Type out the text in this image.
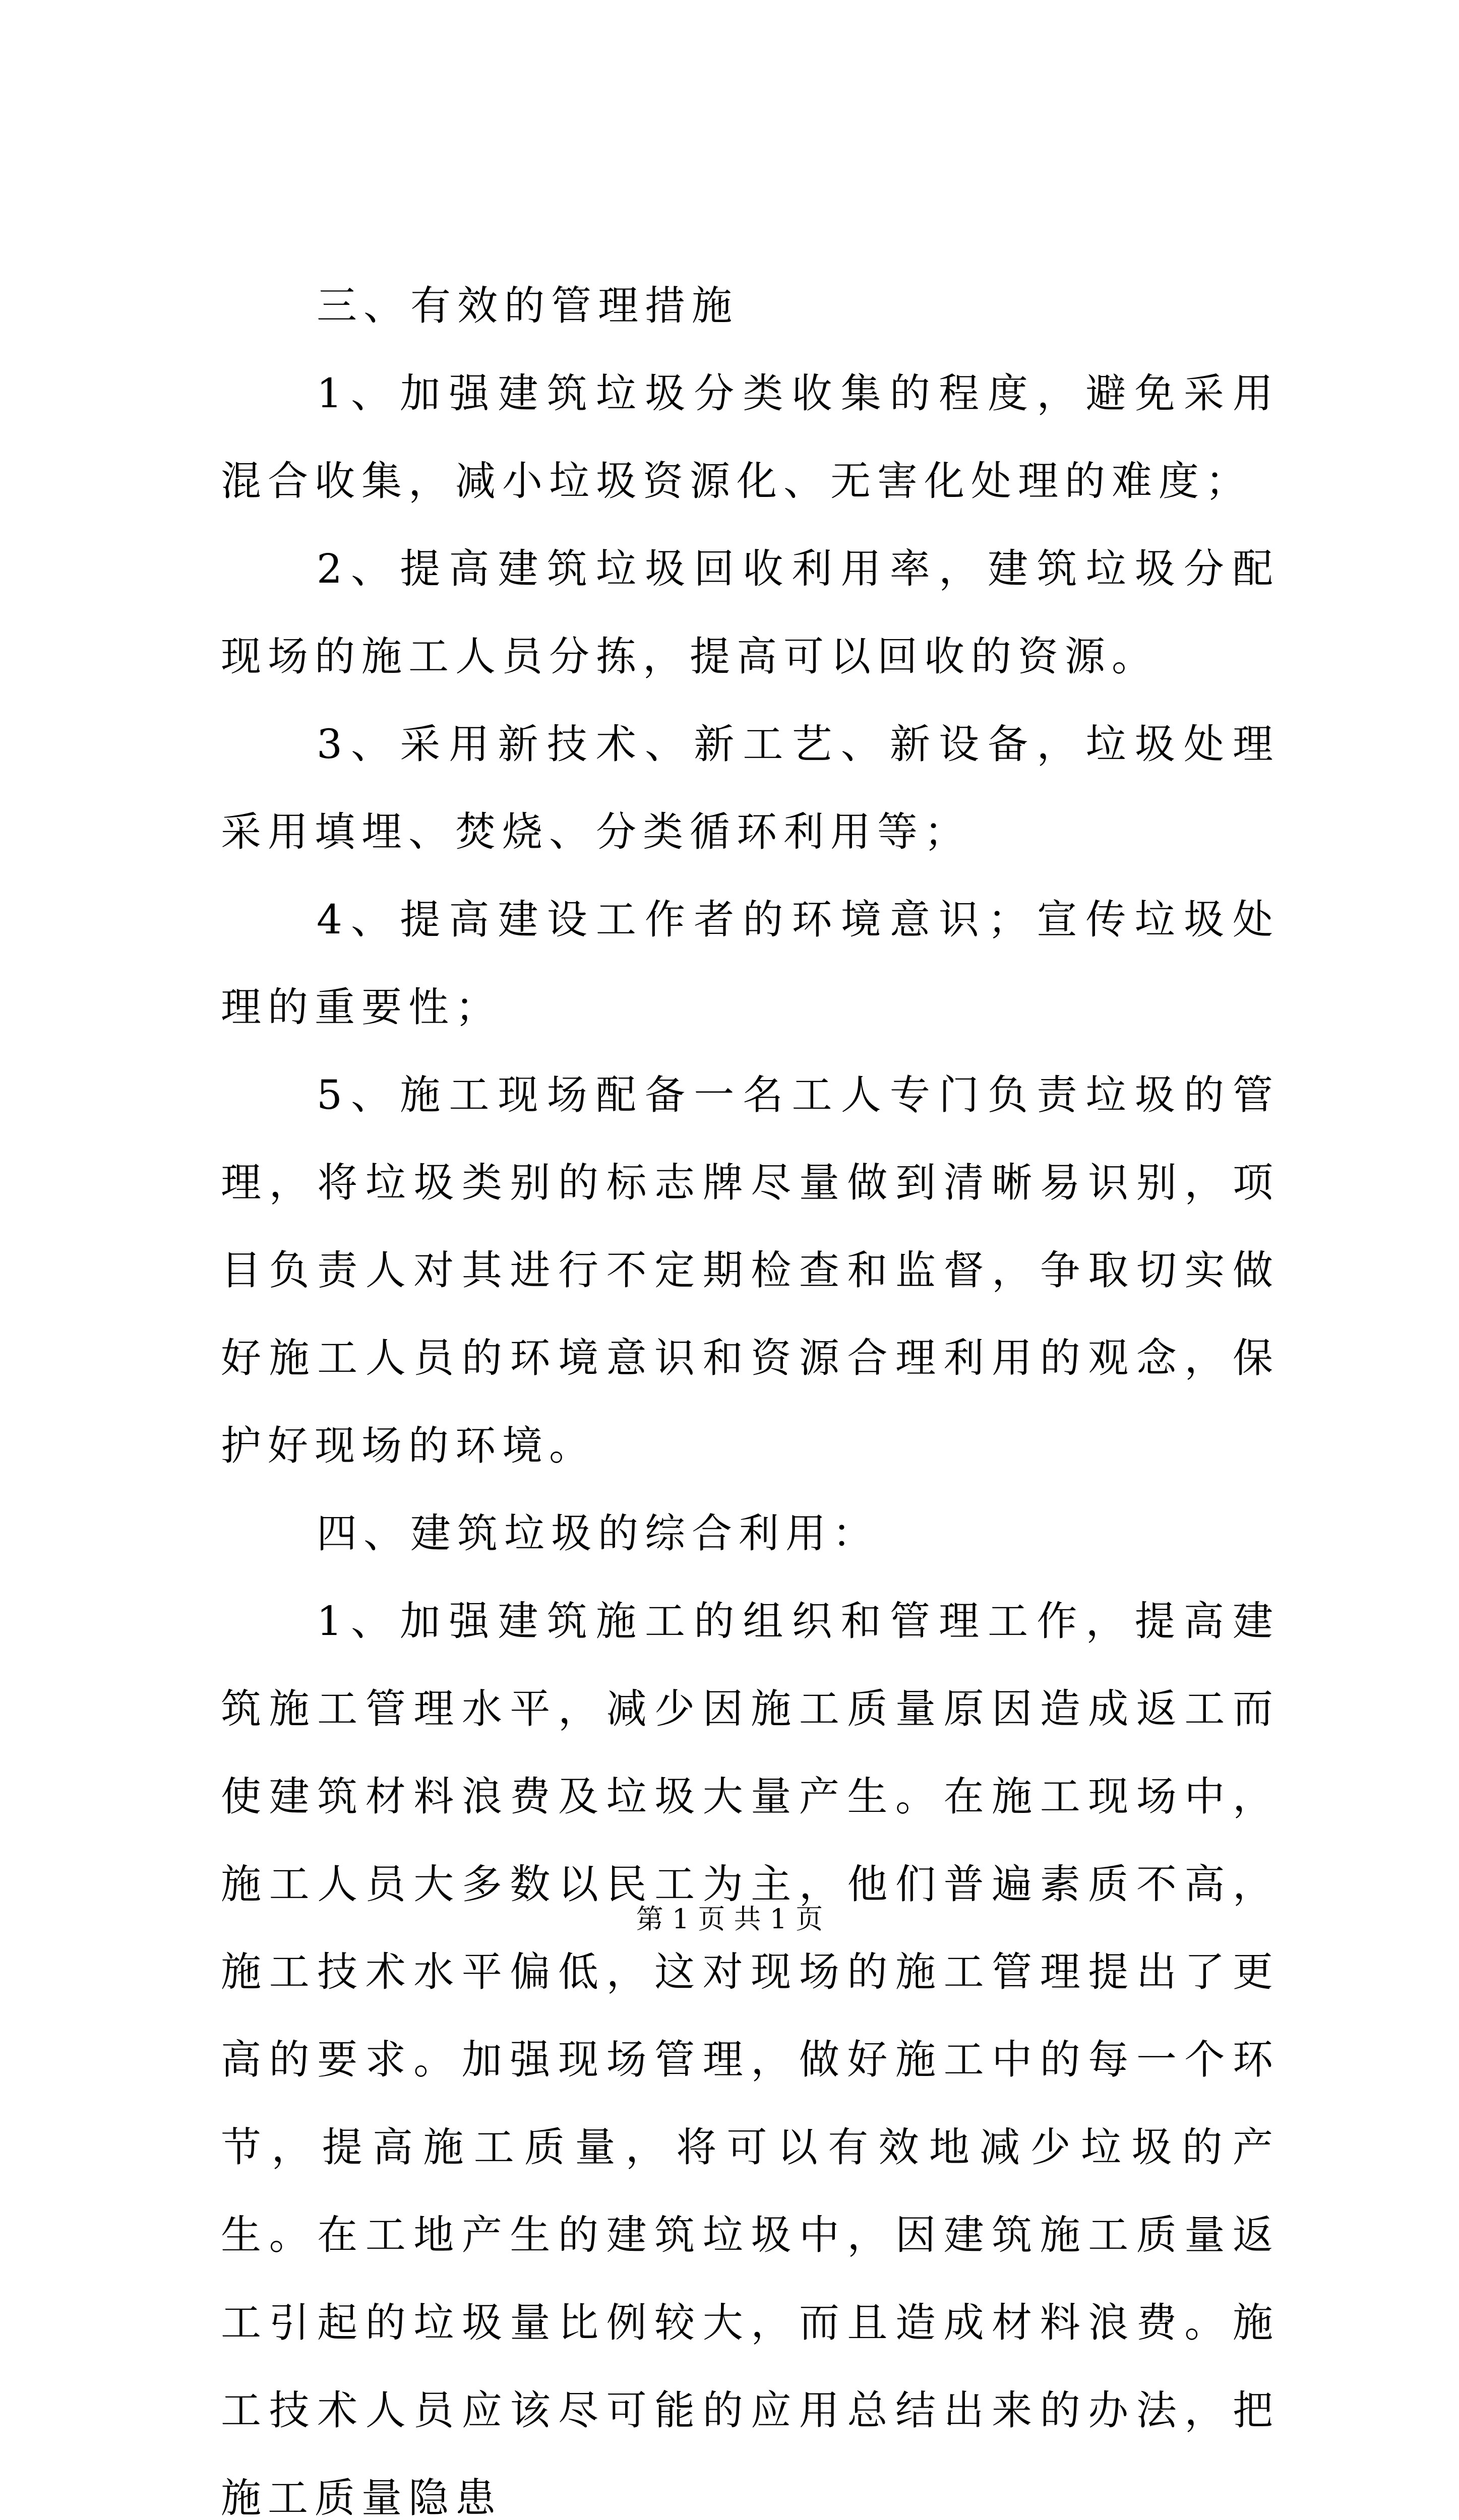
三、有效的管理措施

1、加强建筑垃圾分类收集的程度，避免采用混合收集，减小垃圾资源化、无害化处理的难度；

2、提高建筑垃圾回收利用率，建筑垃圾分配现场的施工人员分拣，提高可以回收的资源。

3、采用新技术、新工艺、新设备，垃圾处理采用填埋、焚烧、分类循环利用等；

4、提高建设工作者的环境意识；宣传垃圾处理的重要性；

5、施工现场配备一名工人专门负责垃圾的管理，将垃圾类别的标志牌尽量做到清晰易识别，项目负责人对其进行不定期检查和监督，争取切实做好施工人员的环境意识和资源合理利用的观念，保护好现场的环境。

四、建筑垃圾的综合利用：

1、加强建筑施工的组织和管理工作，提高建筑施工管理水平，减少因施工质量原因造成返工而使建筑材料浪费及垃圾大量产生。在施工现场中，施工人员大多数以民工为主，他们普遍素质不高，施工技术水平偏低，这对现场的施工管理提出了更高的要求。加强现场管理，做好施工中的每一个环节，提高施工质量，将可以有效地减少垃圾的产生。在工地产生的建筑垃圾中，因建筑施工质量返工引起的垃圾量比例较大，而且造成材料浪费。施工技术人员应该尽可能的应用总结出来的办法，把施工质量隐患

第 1 页 共 1 页
